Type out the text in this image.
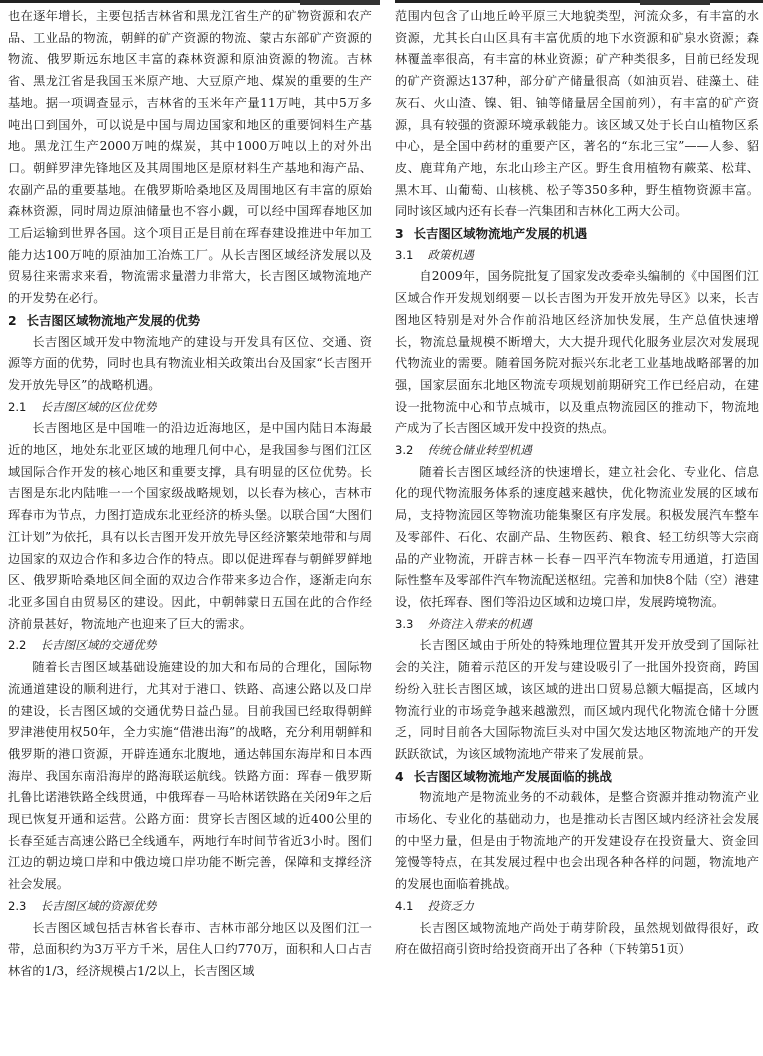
也在逐年增长，主要包括吉林省和黑龙江省生产的矿物资源和农产品、工业品的物流，朝鲜的矿产资源的物流、蒙古东部矿产资源的物流、俄罗斯远东地区丰富的森林资源和原油资源的物流。吉林省、黑龙江省是我国玉米原产地、大豆原产地、煤炭的重要的生产基地。据一项调查显示，吉林省的玉米年产量11万吨，其中5万多吨出口到国外，可以说是中国与周边国家和地区的重要饲料生产基地。黑龙江生产2000万吨的煤炭，其中1000万吨以上的对外出口。朝鲜罗津先锋地区及其周围地区是原材料生产基地和海产品、农副产品的重要基地。在俄罗斯哈桑地区及周围地区有丰富的原始森林资源，同时周边原油储量也不容小觑，可以经中国珲春地区加工后运输到世界各国。这个项目正是目前在珲春建设推进中年加工能力达100万吨的原油加工冶炼工厂。从长吉图区域经济发展以及贸易往来需求来看，物流需求量潜力非常大，长吉图区域物流地产的开发势在必行。

2 长吉图区域物流地产发展的优势

长吉图区域开发中物流地产的建设与开发具有区位、交通、资源等方面的优势，同时也具有物流业相关政策出台及国家“长吉图开发开放先导区”的战略机遇。

2.1 长吉图区域的区位优势

长吉图地区是中国唯一的沿边近海地区，是中国内陆日本海最近的地区，地处东北亚区域的地理几何中心，是我国参与图们江区域国际合作开发的核心地区和重要支撑，具有明显的区位优势。长吉图是东北内陆唯一一个国家级战略规划，以长春为核心，吉林市珲春市为节点，力图打造成东北亚经济的桥头堡。以联合国“大图们江计划”为依托，具有以长吉图开发开放先导区经济繁荣地带和与周边国家的双边合作和多边合作的特点。即以促进珲春与朝鲜罗鲜地区、俄罗斯哈桑地区间全面的双边合作带来多边合作，逐渐走向东北亚多国自由贸易区的建设。因此，中朝韩蒙日五国在此的合作经济前景甚好，物流地产也迎来了巨大的需求。

2.2 长吉图区域的交通优势

随着长吉图区域基础设施建设的加大和布局的合理化，国际物流通道建设的顺利进行，尤其对于港口、铁路、高速公路以及口岸的建设，长吉图区域的交通优势日益凸显。目前我国已经取得朝鲜罗津港使用权50年，全力实施“借港出海”的战略，充分利用朝鲜和俄罗斯的港口资源，开辟连通东北腹地，通达韩国东海岸和日本西海岸、我国东南沿海岸的路海联运航线。铁路方面：珲春－俄罗斯扎鲁比诺港铁路全线贯通，中俄珲春－马哈林诺铁路在关闭9年之后现已恢复开通和运营。公路方面：贯穿长吉图区域的近400公里的长春至延吉高速公路已全线通车，两地行车时间节省近3小时。图们江边的朝边境口岸和中俄边境口岸功能不断完善，保障和支撑经济社会发展。

2.3 长吉图区域的资源优势

长吉图区域包括吉林省长春市、吉林市部分地区以及图们江一带，总面积约为3万平方千米，居住人口约770万，面积和人口占吉林省的1/3，经济规模占1/2以上，长吉图区域

范围内包含了山地丘岭平原三大地貌类型，河流众多，有丰富的水资源，尤其长白山区具有丰富优质的地下水资源和矿泉水资源；森林覆盖率很高，有丰富的林业资源；矿产种类很多，目前已经发现的矿产资源达137种，部分矿产储量很高（如油页岩、硅藻土、硅灰石、火山渣、镍、钼、铀等储量居全国前列），有丰富的矿产资源，具有较强的资源环境承载能力。该区域又处于长白山植物区系中心，是全国中药材的重要产区，著名的“东北三宝”——人参、貂皮、鹿茸角产地，东北山珍主产区。野生食用植物有蕨菜、松茸、黑木耳、山葡萄、山核桃、松子等350多种，野生植物资源丰富。同时该区域内还有长春一汽集团和吉林化工两大公司。

3 长吉图区域物流地产发展的机遇
3.1 政策机遇

自2009年，国务院批复了国家发改委牵头编制的《中国图们江区域合作开发规划纲要－以长吉图为开发开放先导区》以来，长吉图地区特别是对外合作前沿地区经济加快发展，生产总值快速增长，物流总量规模不断增大，大大提升现代化服务业层次对发展现代物流业的需要。随着国务院对振兴东北老工业基地战略部署的加强，国家层面东北地区物流专项规划前期研究工作已经启动，在建设一批物流中心和节点城市，以及重点物流园区的推动下，物流地产成为了长吉图区域开发中投资的热点。

3.2 传统仓储业转型机遇

随着长吉图区域经济的快速增长，建立社会化、专业化、信息化的现代物流服务体系的速度越来越快，优化物流业发展的区域布局，支持物流园区等物流功能集聚区有序发展。积极发展汽车整车及零部件、石化、农副产品、生物医药、粮食、轻工纺织等大宗商品的产业物流，开辟吉林－长春－四平汽车物流专用通道，打造国际性整车及零部件汽车物流配送枢纽。完善和加快8个陆（空）港建设，依托珲春、图们等沿边区域和边境口岸，发展跨境物流。

3.3 外资注入带来的机遇

长吉图区域由于所处的特殊地理位置其开发开放受到了国际社会的关注，随着示范区的开发与建设吸引了一批国外投资商，跨国纷纷入驻长吉图区域，该区域的进出口贸易总额大幅提高，区域内物流行业的市场竞争越来越激烈，而区域内现代化物流仓储十分匮乏，同时目前各大国际物流巨头对中国欠发达地区物流地产的开发跃跃欲试，为该区域物流地产带来了发展前景。

4 长吉图区域物流地产发展面临的挑战

物流地产是物流业务的不动载体，是整合资源并推动物流产业市场化、专业化的基础动力，也是推动长吉图区域内经济社会发展的中坚力量，但是由于物流地产的开发建设存在投资量大、资金回笼慢等特点，在其发展过程中也会出现各种各样的问题，物流地产的发展也面临着挑战。

4.1 投资乏力

长吉图区域物流地产尚处于萌芽阶段，虽然规划做得很好，政府在做招商引资时给投资商开出了各种（下转第51页）
